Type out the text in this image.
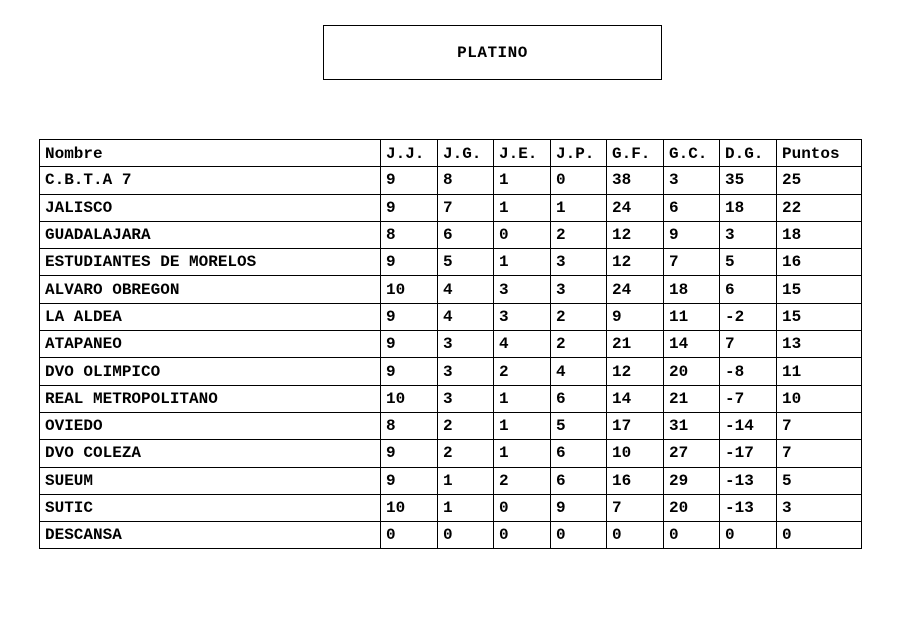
PLATINO
Nombre	J.J.	J.G.	J.E.	J.P.	G.F.	G.C.	D.G.	Puntos
C.B.T.A 7	9	8	1	0	38	3	35	25
JALISCO	9	7	1	1	24	6	18	22
GUADALAJARA	8	6	0	2	12	9	3	18
ESTUDIANTES DE MORELOS	9	5	1	3	12	7	5	16
ALVARO OBREGON	10	4	3	3	24	18	6	15
LA ALDEA	9	4	3	2	9	11	-2	15
ATAPANEO	9	3	4	2	21	14	7	13
DVO OLIMPICO	9	3	2	4	12	20	-8	11
REAL METROPOLITANO	10	3	1	6	14	21	-7	10
OVIEDO	8	2	1	5	17	31	-14	7
DVO COLEZA	9	2	1	6	10	27	-17	7
SUEUM	9	1	2	6	16	29	-13	5
SUTIC	10	1	0	9	7	20	-13	3
DESCANSA	0	0	0	0	0	0	0	0
